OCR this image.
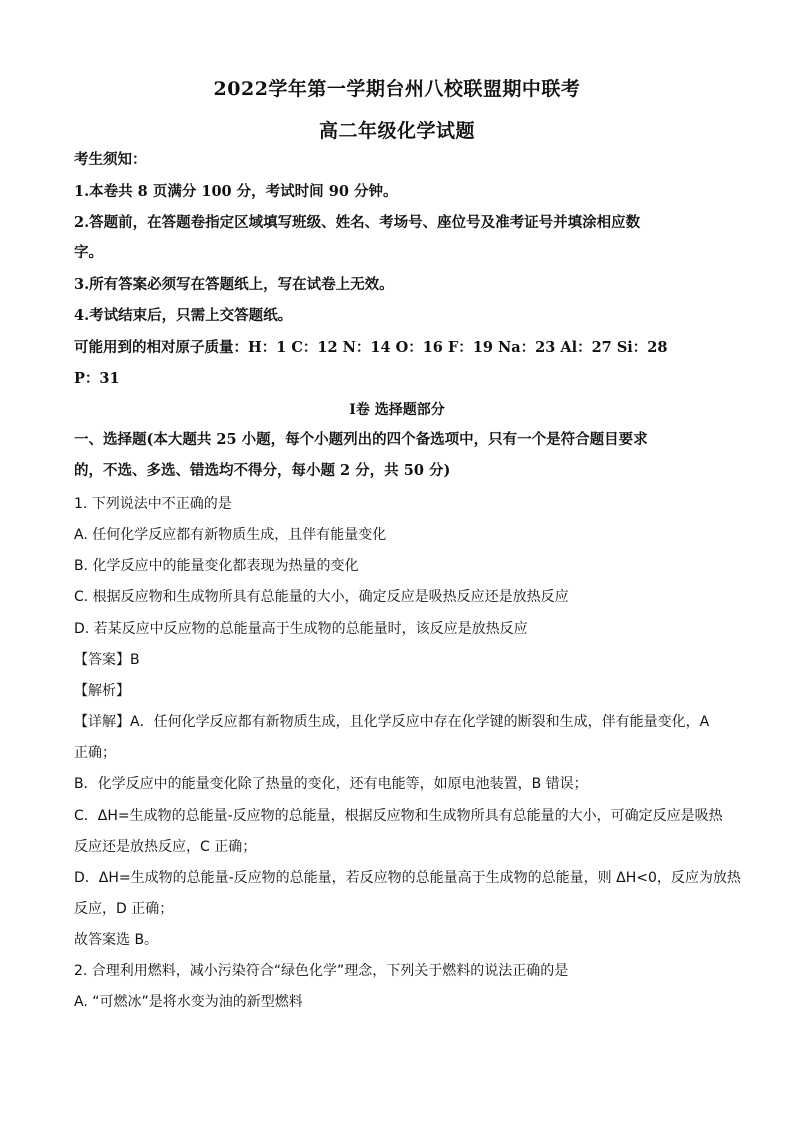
2022学年第一学期台州八校联盟期中联考
高二年级化学试题
考生须知：
1.本卷共 8 页满分 100 分，考试时间 90 分钟。
2.答题前，在答题卷指定区域填写班级、姓名、考场号、座位号及准考证号并填涂相应数
字。
3.所有答案必须写在答题纸上，写在试卷上无效。
4.考试结束后，只需上交答题纸。
可能用到的相对原子质量：H：1 C：12 N：14 O：16 F：19 Na：23 Al：27 Si：28
P：31
Ⅰ卷 选择题部分
一、选择题(本大题共 25 小题，每个小题列出的四个备选项中，只有一个是符合题目要求
的，不选、多选、错选均不得分，每小题 2 分，共 50 分)
1. 下列说法中不正确的是
A. 任何化学反应都有新物质生成，且伴有能量变化
B. 化学反应中的能量变化都表现为热量的变化
C. 根据反应物和生成物所具有总能量的大小，确定反应是吸热反应还是放热反应
D. 若某反应中反应物的总能量高于生成物的总能量时，该反应是放热反应
【答案】B
【解析】
【详解】A．任何化学反应都有新物质生成，且化学反应中存在化学键的断裂和生成，伴有能量变化，A
正确；
B．化学反应中的能量变化除了热量的变化，还有电能等，如原电池装置，B 错误；
C．ΔH=生成物的总能量-反应物的总能量，根据反应物和生成物所具有总能量的大小，可确定反应是吸热
反应还是放热反应，C 正确；
D．ΔH=生成物的总能量-反应物的总能量，若反应物的总能量高于生成物的总能量，则 ΔH<0，反应为放热
反应，D 正确；
故答案选 B。
2. 合理利用燃料，减小污染符合“绿色化学”理念，下列关于燃料的说法正确的是
A. “可燃冰”是将水变为油的新型燃料
